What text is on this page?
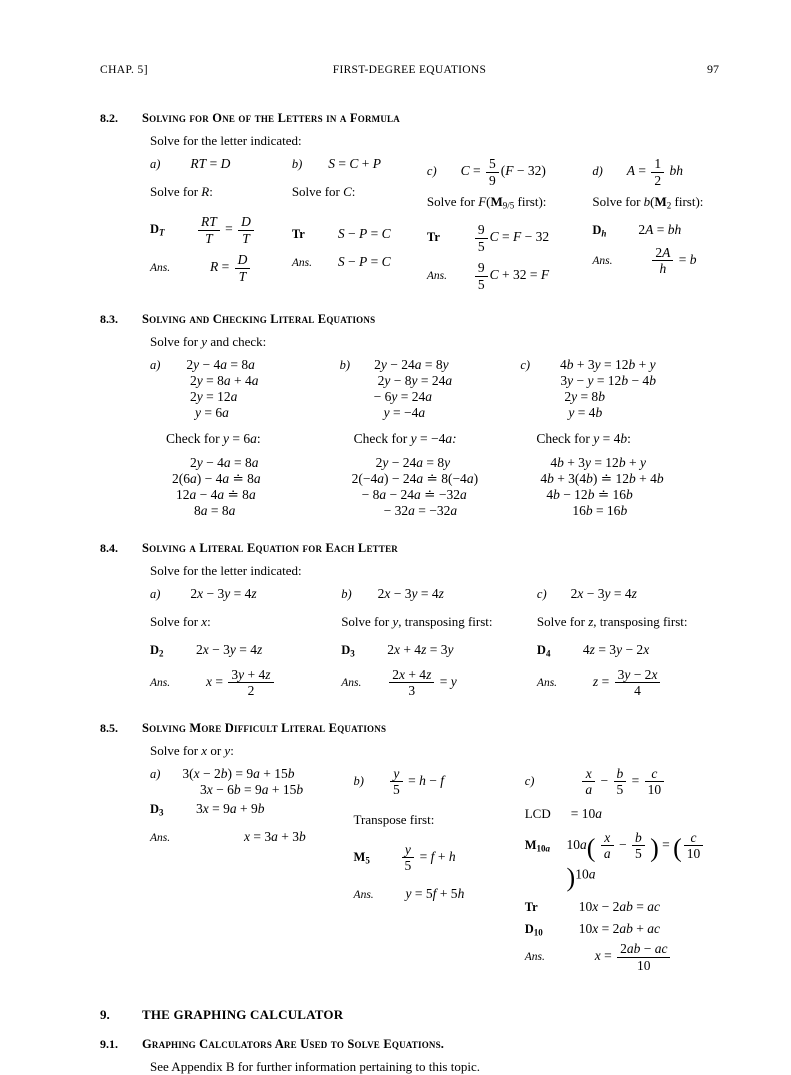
CHAP. 5]	FIRST-DEGREE EQUATIONS	97
8.2.	Solving for One of the Letters in a Formula
Solve for the letter indicated:
a) RT = D
Solve for R:
$D_T$	$\frac{RT}{T} = \frac{D}{T}$
Ans.	$R = \frac{D}{T}$
b) S = C + P
Solve for C:
Tr	S − P = C
Ans.	S − P = C
c) $C = \frac{5}{9} (F - 32)$
Solve for $F(M_{9/5}$ first):
Tr	$\frac{9}{5}$ C = F − 32
Ans.	$\frac{9}{5}$ C + 32 = F
d) $A = \frac{1}{2}$ bh
Solve for $b(M_2$ first):
$D_h$	2A = bh
Ans.	$\frac{2A}{h} = b$
8.3.	Solving and Checking Literal Equations
Solve for y and check:
a) 2y − 4a = 8a
2y = 8a + 4a
2y = 12a
y = 6a
Check for y = 6a:
2y − 4a = 8a
2(6a) − 4a ≐ 8a
12a − 4a ≐ 8a
8a = 8a
b) 2y − 24a = 8y
2y − 8y = 24a
− 6y = 24a
y = −4a
Check for y = −4a:
2y − 24a = 8y
2(−4a) − 24a ≐ 8(−4a)
− 8a − 24a ≐ −32a
− 32a = −32a
c) 4b + 3y = 12b + y
3y − y = 12b − 4b
2y = 8b
y = 4b
Check for y = 4b:
4b + 3y = 12b + y
4b + 3(4b) ≐ 12b + 4b
4b − 12b ≐ 16b
16b = 16b
8.4.	Solving a Literal Equation for Each Letter
Solve for the letter indicated:
a) 2x − 3y = 4z
Solve for x:
$D_2$	2x − 3y = 4z
Ans.	$x = \frac{3y + 4z}{2}$
b) 2x − 3y = 4z
Solve for y, transposing first:
$D_3$	2x + 4z = 3y
Ans.	$\frac{2x + 4z}{3} = y$
c) 2x − 3y = 4z
Solve for z, transposing first:
$D_4$	4z = 3y − 2x
Ans.	$z = \frac{3y - 2x}{4}$
8.5.	Solving More Difficult Literal Equations
Solve for x or y:
a) 3(x − 2b) = 9a + 15b
3x − 6b = 9a + 15b
$D_3$	3x = 9a + 9b
Ans.	x = 3a + 3b
$b) \frac{y}{5} = h - f$
Transpose first:
$M_5$	$\frac{y}{5} = f + h$
Ans.	y = 5f + 5h
c)	$\frac{x}{a} - \frac{b}{5} = \frac{c}{10}$
LCD	= 10a
$M_{10a}$	$10a( \frac{x}{a} - \frac{b}{5}$ ) = ( $\frac{c}{10}$
)10a
Tr	10x − 2ab = ac
$D_{10}$	10x = 2ab + ac
Ans.	$x = \frac{2ab - ac}{10}$
9.	THE GRAPHING CALCULATOR
9.1.	Graphing Calculators Are Used to Solve Equations.
See Appendix B for further information pertaining to this topic.
